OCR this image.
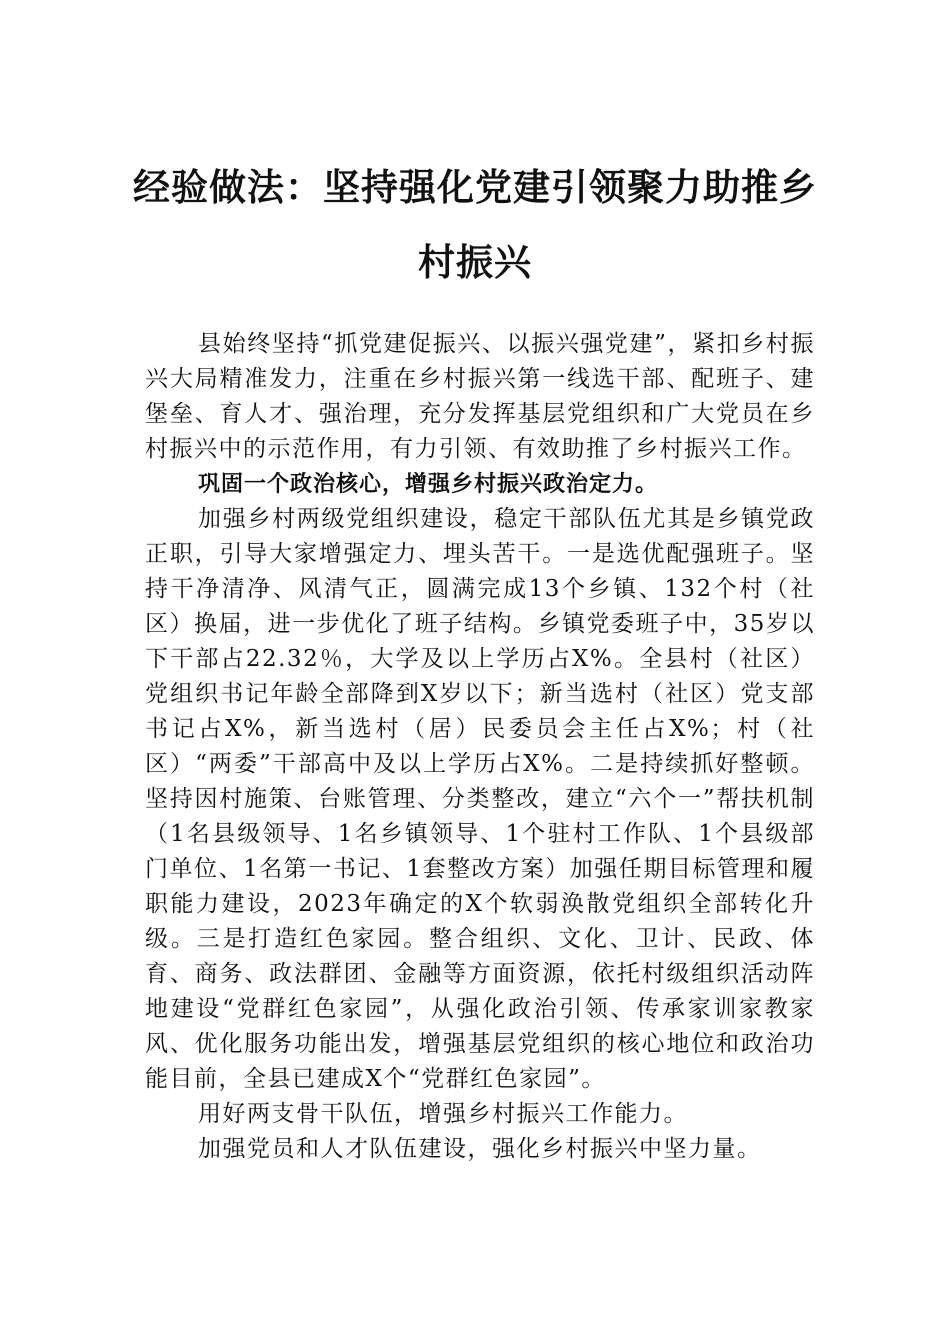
经验做法：坚持强化党建引领聚力助推乡
村振兴

县始终坚持“抓党建促振兴、以振兴强党建”，紧扣乡村振兴大局精准发力，注重在乡村振兴第一线选干部、配班子、建堡垒、育人才、强治理，充分发挥基层党组织和广大党员在乡村振兴中的示范作用，有力引领、有效助推了乡村振兴工作。

巩固一个政治核心，增强乡村振兴政治定力。

加强乡村两级党组织建设，稳定干部队伍尤其是乡镇党政正职，引导大家增强定力、埋头苦干。一是选优配强班子。坚持干净清净、风清气正，圆满完成13个乡镇、132个村（社区）换届，进一步优化了班子结构。乡镇党委班子中，35岁以下干部占22.32％，大学及以上学历占X%。全县村（社区）党组织书记年龄全部降到X岁以下；新当选村（社区）党支部书记占X%，新当选村（居）民委员会主任占X%；村（社区）“两委”干部高中及以上学历占X%。二是持续抓好整顿。坚持因村施策、台账管理、分类整改，建立“六个一”帮扶机制（1名县级领导、1名乡镇领导、1个驻村工作队、1个县级部门单位、1名第一书记、1套整改方案）加强任期目标管理和履职能力建设，2023年确定的X个软弱涣散党组织全部转化升级。三是打造红色家园。整合组织、文化、卫计、民政、体育、商务、政法群团、金融等方面资源，依托村级组织活动阵地建设“党群红色家园”，从强化政治引领、传承家训家教家风、优化服务功能出发，增强基层党组织的核心地位和政治功能目前，全县已建成X个“党群红色家园”。

用好两支骨干队伍，增强乡村振兴工作能力。

加强党员和人才队伍建设，强化乡村振兴中坚力量。
